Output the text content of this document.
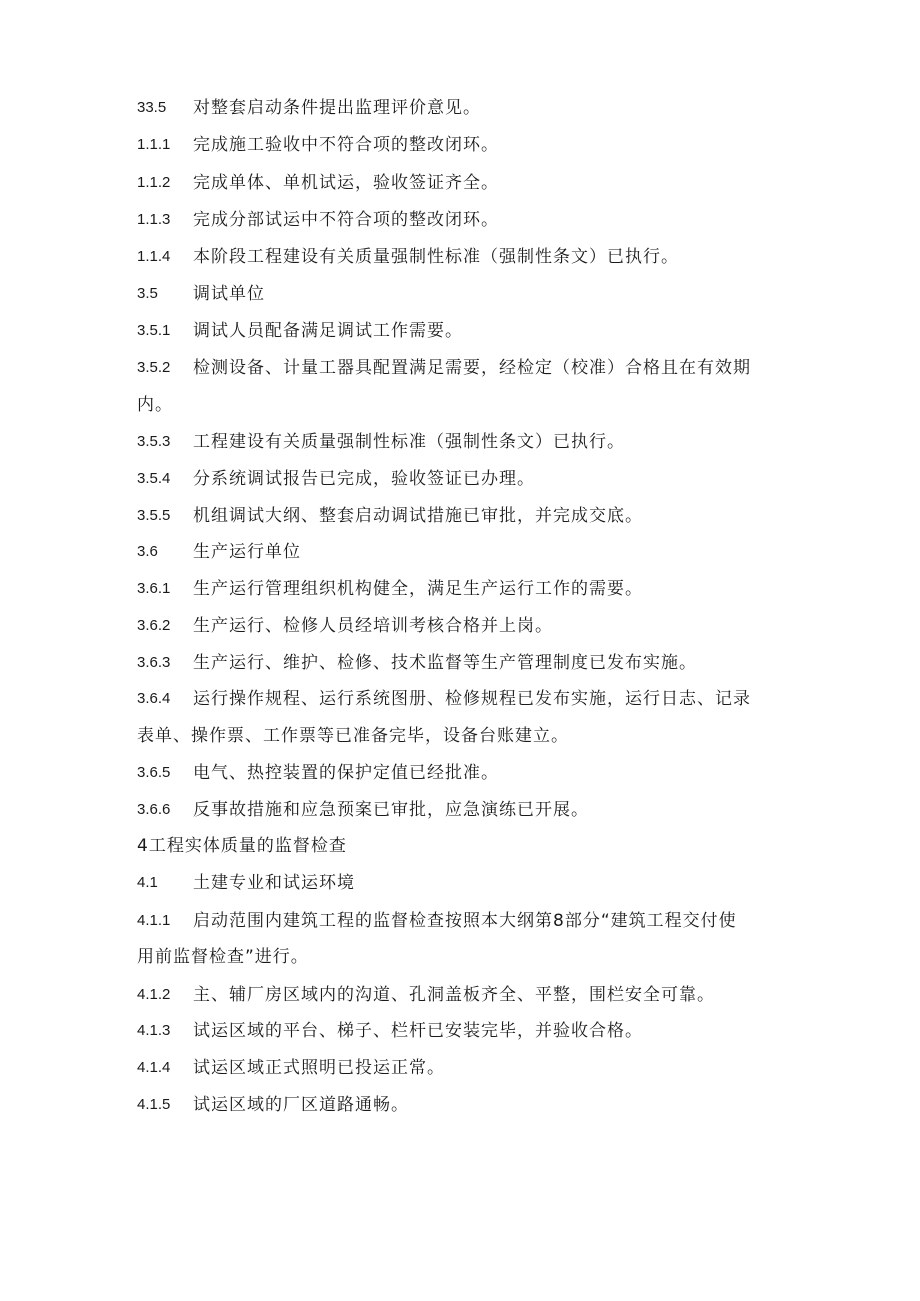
33.5 对整套启动条件提出监理评价意见。
1.1.1 完成施工验收中不符合项的整改闭环。
1.1.2 完成单体、单机试运，验收签证齐全。
1.1.3 完成分部试运中不符合项的整改闭环。
1.1.4 本阶段工程建设有关质量强制性标准（强制性条文）已执行。
3.5 调试单位
3.5.1 调试人员配备满足调试工作需要。
3.5.2 检测设备、计量工器具配置满足需要，经检定（校准）合格且在有效期
内。
3.5.3 工程建设有关质量强制性标准（强制性条文）已执行。
3.5.4 分系统调试报告已完成，验收签证已办理。
3.5.5 机组调试大纲、整套启动调试措施已审批，并完成交底。
3.6 生产运行单位
3.6.1 生产运行管理组织机构健全，满足生产运行工作的需要。
3.6.2 生产运行、检修人员经培训考核合格并上岗。
3.6.3 生产运行、维护、检修、技术监督等生产管理制度已发布实施。
3.6.4 运行操作规程、运行系统图册、检修规程已发布实施，运行日志、记录
表单、操作票、工作票等已准备完毕，设备台账建立。
3.6.5 电气、热控装置的保护定值已经批准。
3.6.6 反事故措施和应急预案已审批，应急演练已开展。
4工程实体质量的监督检查
4.1 土建专业和试运环境
4.1.1 启动范围内建筑工程的监督检查按照本大纲第8部分“建筑工程交付使
用前监督检查”进行。
4.1.2 主、辅厂房区域内的沟道、孔洞盖板齐全、平整，围栏安全可靠。
4.1.3 试运区域的平台、梯子、栏杆已安装完毕，并验收合格。
4.1.4 试运区域正式照明已投运正常。
4.1.5 试运区域的厂区道路通畅。
